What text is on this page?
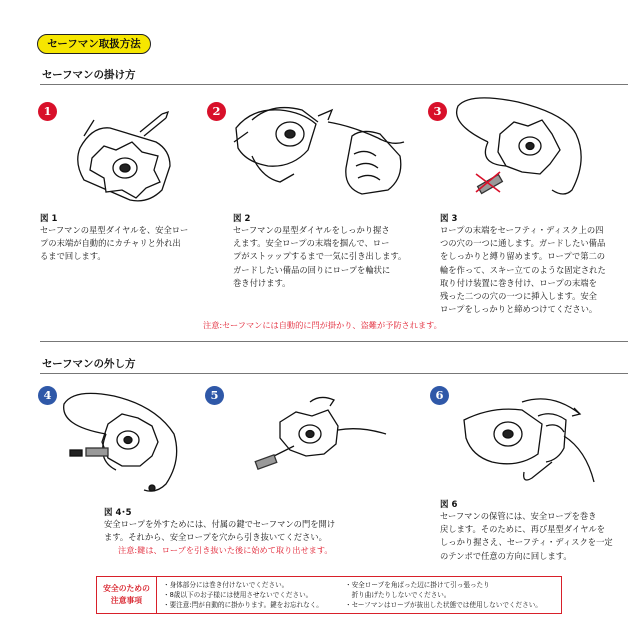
セーフマン取扱方法
セーフマンの掛け方
1
図 1
セーフマンの星型ダイヤルを、安全ロー
プの末端が自動的にカチャリと外れ出
るまで回します。
2
図 2
セーフマンの星型ダイヤルをしっかり握さ
えます。安全ロープの末端を掴んで、ロー
プがストッップするまで一気に引き出します。
ガードしたい備品の回りにロープを輪状に
巻き付けます。
3
図 3
ロープの末端をセーフティ・ディスク上の四
つの穴の一つに通します。ガードしたい備品
をしっかりと縛り留めます。ロープで第二の
輪を作って、スキー立てのような固定された
取り付け装置に巻き付け、ロープの末端を
残った二つの穴の一つに挿入します。安全
ロープをしっかりと締めつけてください。
注意:セーフマンには自動的に閂が掛かり、盗難が予防されます。
セーフマンの外し方
4	5
図 4･5
安全ロープを外すためには、付属の鍵でセーフマンの門を開け
ます。それから、安全ロープを穴から引き抜いてください。
注意:鍵は、ロープを引き抜いた後に始めて取り出せます。
6
図 6
セーフマンの保管には、安全ロープを巻き
戻します。そのために、再び星型ダイヤルを
しっかり握さえ、セーフティ・ディスクを一定
のテンポで任意の方向に回します。
安全のための
注意事項
・身体部分には巻き付けないでください。
・8歳以下のお子様には使用させないでください。
・要注意:閂が自動的に掛かります。鍵をお忘れなく。
・安全ロープを角ばった辺に掛けて引っ張ったり
　折り曲げたりしないでください。
・セーフマンはロープが抜出した状態では使用しないでください。
